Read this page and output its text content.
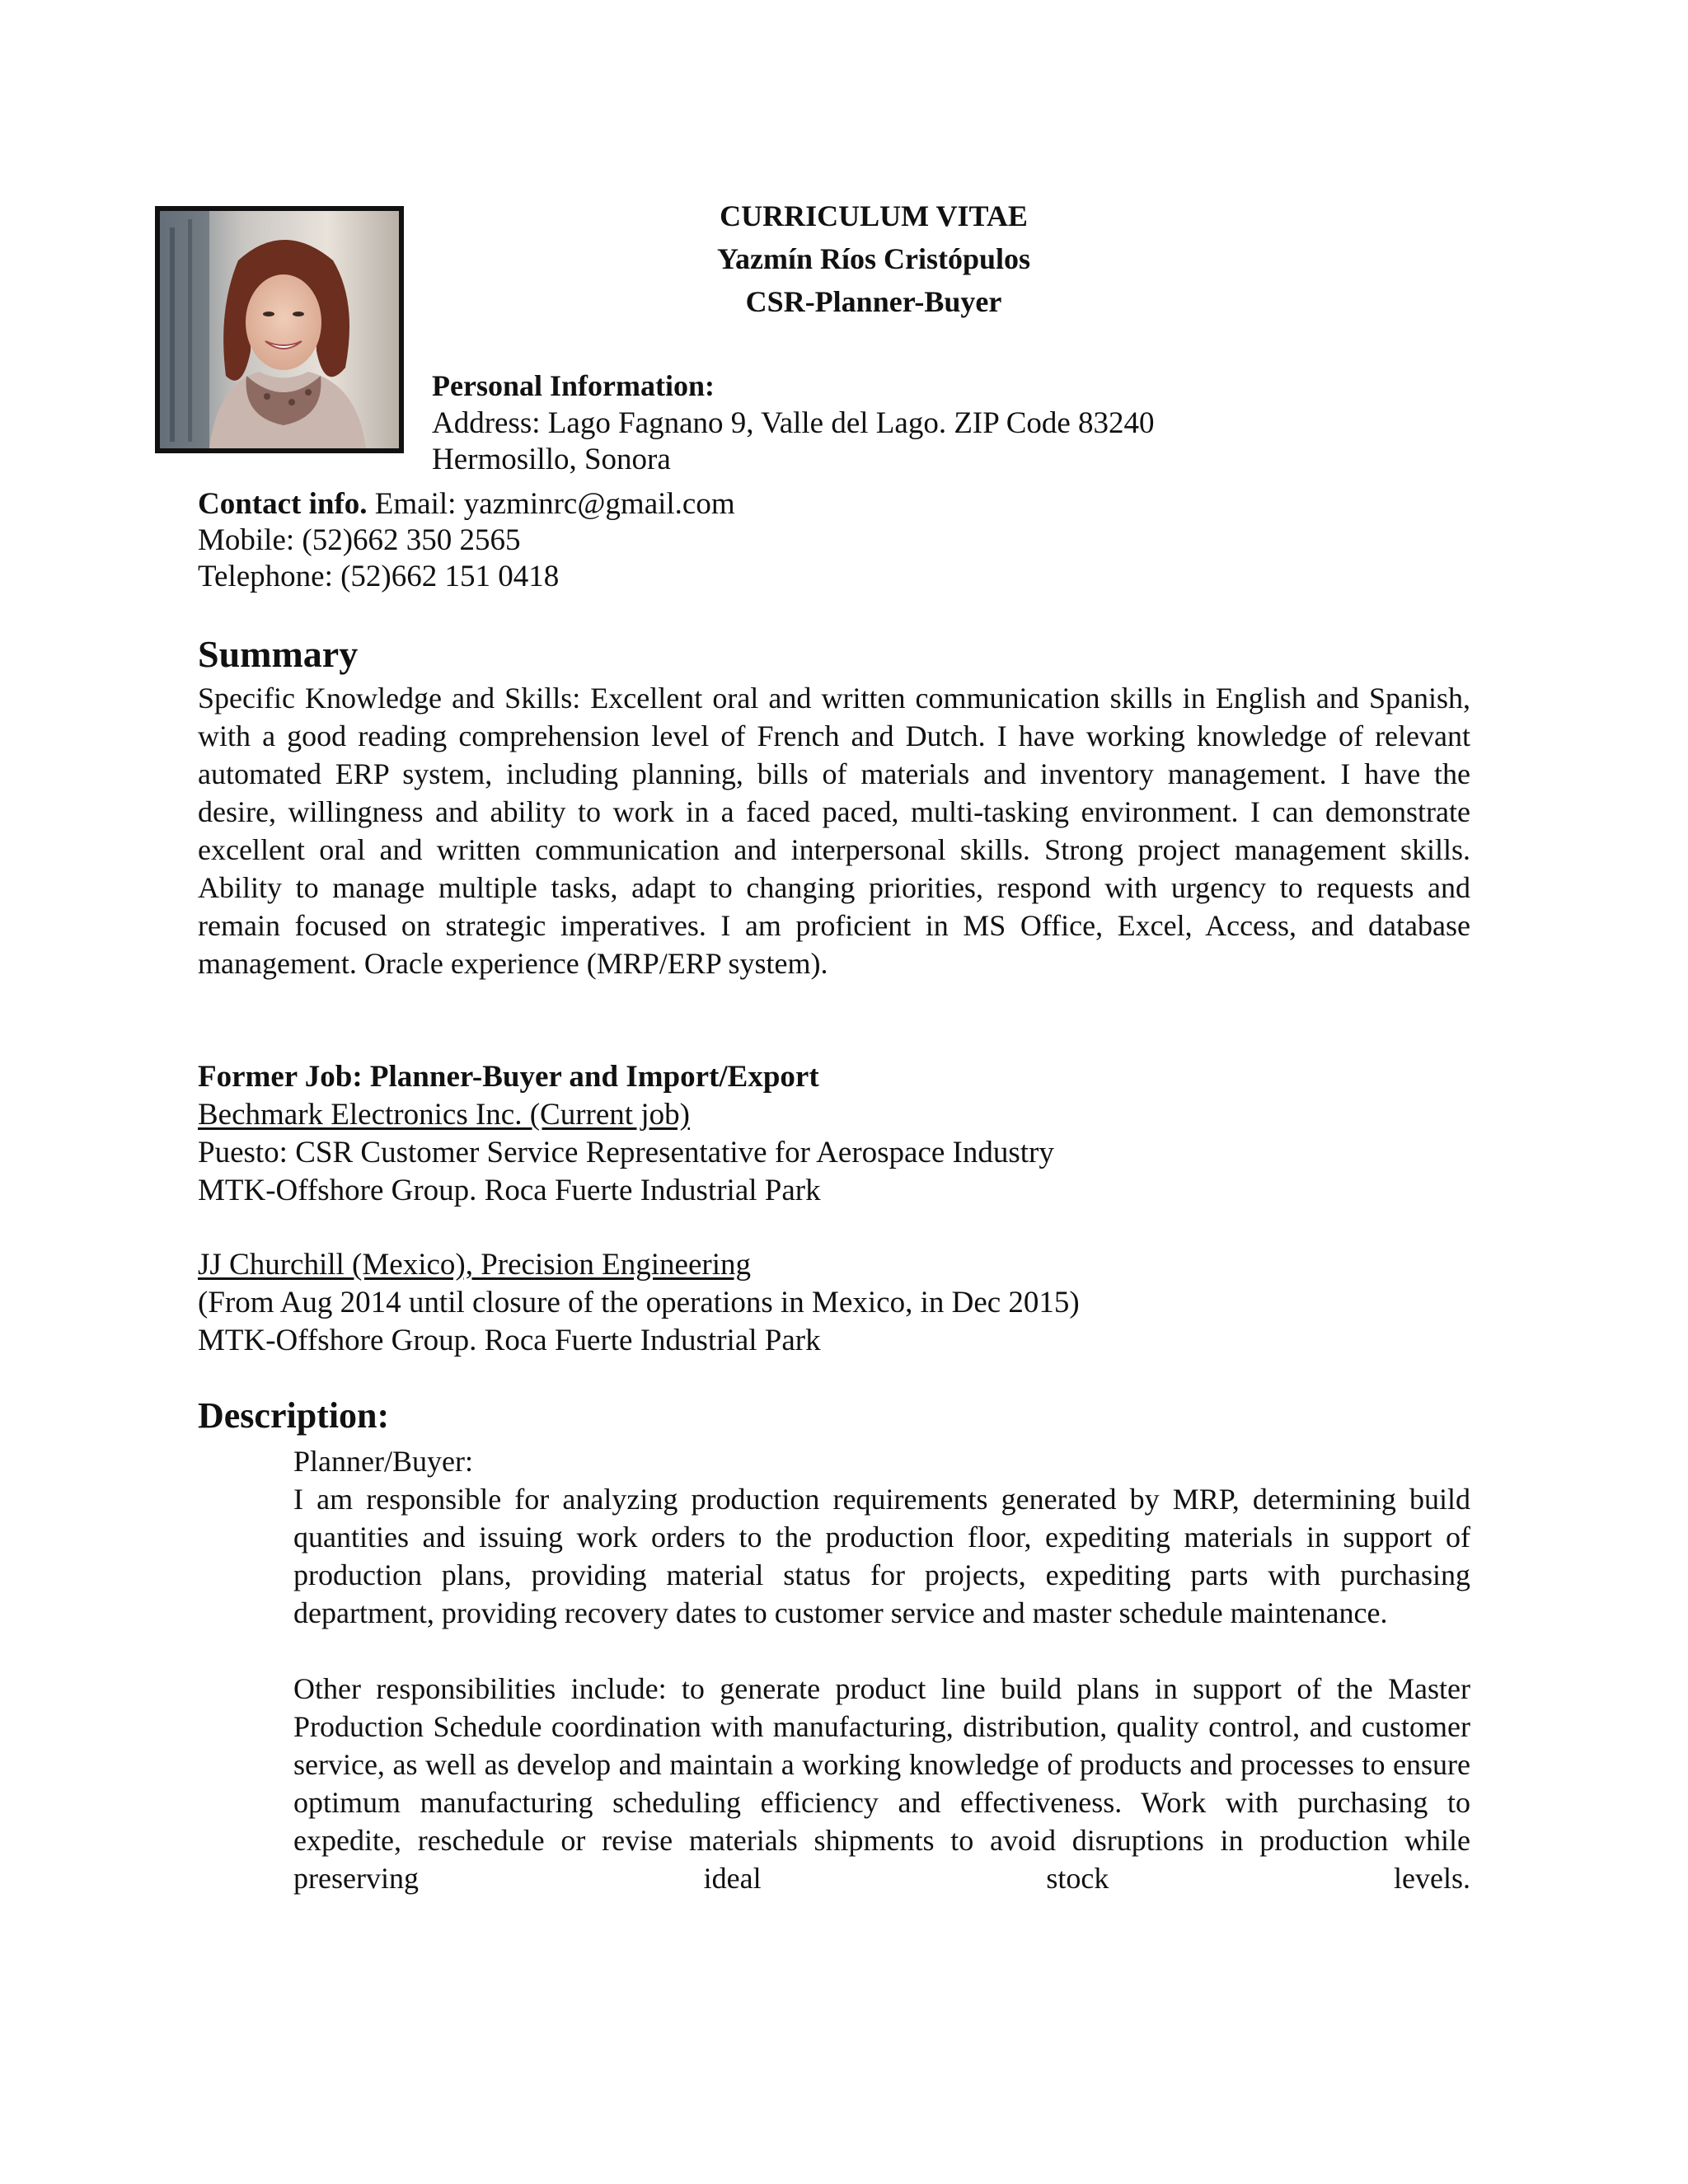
CURRICULUM VITAE
Yazmín Ríos Cristópulos
CSR-Planner-Buyer
Personal Information:
Address: Lago Fagnano 9, Valle del Lago. ZIP Code 83240
Hermosillo, Sonora
Contact info. Email: yazminrc@gmail.com
Mobile: (52)662 350 2565
Telephone: (52)662 151 0418
Summary
Specific Knowledge and Skills: Excellent oral and written communication skills in English and Spanish, with a good reading comprehension level of French and Dutch. I have working knowledge of relevant automated ERP system, including planning, bills of materials and inventory management. I have the desire, willingness and ability to work in a faced paced, multi-tasking environment. I can demonstrate excellent oral and written communication and interpersonal skills. Strong project management skills. Ability to manage multiple tasks, adapt to changing priorities, respond with urgency to requests and remain focused on strategic imperatives. I am proficient in MS Office, Excel, Access, and database management. Oracle experience (MRP/ERP system).
Former Job: Planner-Buyer and Import/Export
Bechmark Electronics Inc. (Current job)
Puesto: CSR Customer Service Representative for Aerospace Industry
MTK-Offshore Group. Roca Fuerte Industrial Park
JJ Churchill (Mexico), Precision Engineering
(From Aug 2014 until closure of the operations in Mexico, in Dec 2015)
MTK-Offshore Group. Roca Fuerte Industrial Park
Description:
Planner/Buyer:

I am responsible for analyzing production requirements generated by MRP, determining build quantities and issuing work orders to the production floor, expediting materials in support of production plans, providing material status for projects, expediting parts with purchasing department, providing recovery dates to customer service and master schedule maintenance.

Other responsibilities include: to generate product line build plans in support of the Master Production Schedule coordination with manufacturing, distribution, quality control, and customer service, as well as develop and maintain a working knowledge of products and processes to ensure optimum manufacturing scheduling efficiency and effectiveness. Work with purchasing to expedite, reschedule or revise materials shipments to avoid disruptions in production while preserving ideal stock levels.
